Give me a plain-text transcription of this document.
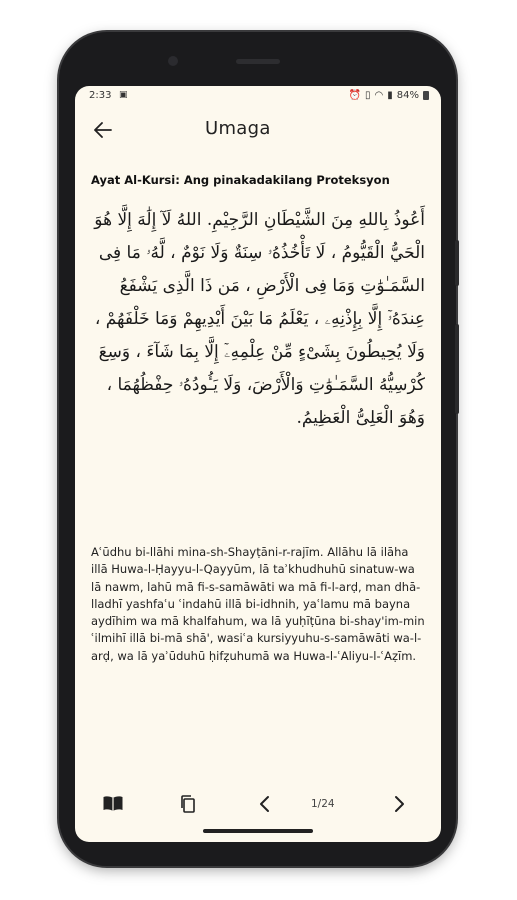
2:33 ▣	⏰ ▯ ◠ ▮ 84%
Umaga
Ayat Al-Kursi: Ang pinakadakilang Proteksyon
أَعُوذُ بِاللهِ مِنَ الشَّيْطَانِ الرَّجِيْمِ. اللهُ لَآ إِلَٰهَ إِلَّا هُوَ الْحَيُّ الْقَيُّومُ ، لَا تَأْخُذُهُۥ سِنَةٌ وَلَا نَوْمٌ ، لَّهُۥ مَا فِى السَّمَـٰوَٰتِ وَمَا فِى الْأَرْضِ ، مَن ذَا الَّذِى يَشْفَعُ عِندَهُۥٓ إِلَّا بِإِذْنِهِۦ ، يَعْلَمُ مَا بَيْنَ أَيْدِيهِمْ وَمَا خَلْفَهُمْ ، وَلَا يُحِيطُونَ بِشَىْءٍ مِّنْ عِلْمِهِۦٓ إِلَّا بِمَا شَآءَ ، وَسِعَ كُرْسِيُّهُ السَّمَـٰوَٰتِ وَالْأَرْضَ، وَلَا يَـُٔودُهُۥ حِفْظُهُمَا ، وَهُوَ الْعَلِىُّ الْعَظِيمُ.
Aʿūdhu bi-llāhi mina-sh-Shayṭāni-r-rajīm. Allāhu lā ilāha illā Huwa-l-Ḥayyu-l-Qayyūm, lā taʾkhudhuhū sinatuw-wa lā nawm, lahū mā fi-s-samāwāti wa mā fi-l-arḍ, man dhā-lladhī yashfaʿu ʿindahū illā bi-idhnih, yaʿlamu mā bayna aydīhim wa mā khalfahum, wa lā yuḥīṭūna bi-shay'im-min ʿilmihī illā bi-mā shā', wasiʿa kursiyyuhu-s-samāwāti wa-l-arḍ, wa lā yaʾūduhū ḥifẓuhumā wa Huwa-l-ʿAliyu-l-ʿAẓīm.
1/24
